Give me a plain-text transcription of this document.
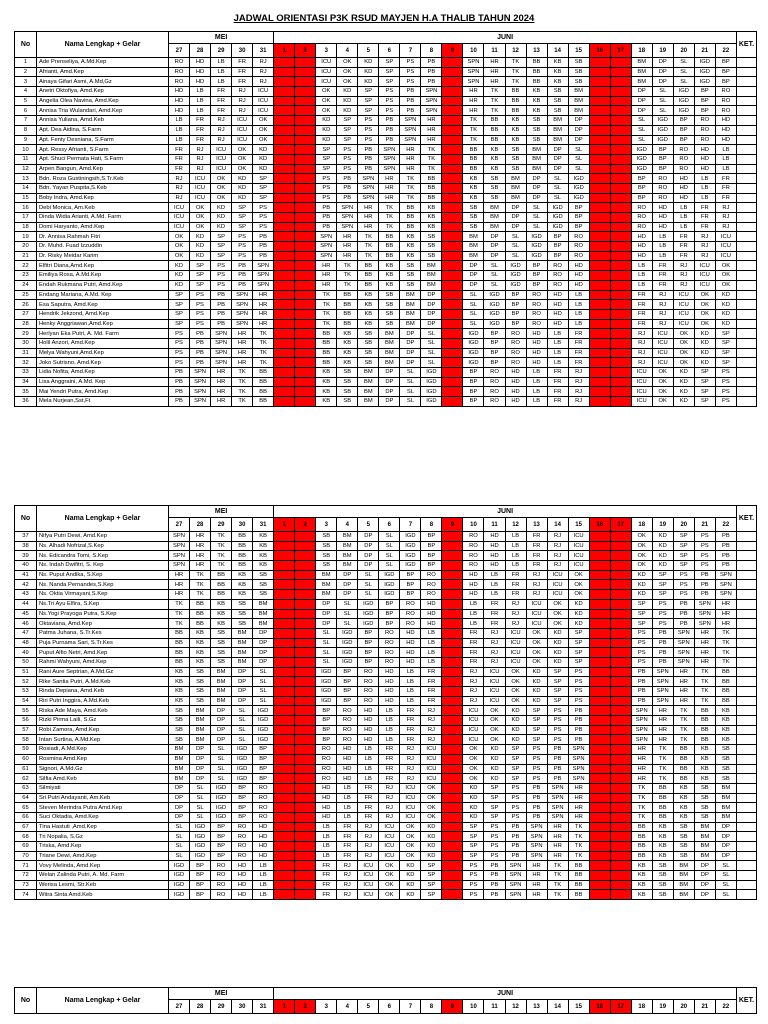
JADWAL ORIENTASI P3K RSUD MAYJEN H.A THALIB TAHUN 2024
No	Nama Lengkap + Gelar	MEI					JUNI																						KET.
		27	28	29	30	31	1	2	3	4	5	6	7	8	9	10	11	12	13	14	15	16	17	18	19	20	21	22	
1	Ade Prenseliya, A.Md.Kep	RO	HD	LB	FR	RJ			ICU	OK	KD	SP	PS	PB		SPN	HR	TK	BB	KB	SB			BM	DP	SL	IGD	BP	
2	Afrianti, Amd.Kep	RO	HD	LB	FR	RJ			ICU	OK	KD	SP	PS	PB		SPN	HR	TK	BB	KB	SB			BM	DP	SL	IGD	BP	
3	Ainaya Gifari Asmi, A.Md,Gz	RO	HD	LB	FR	RJ			ICU	OK	KD	SP	PS	PB		SPN	HR	TK	BB	KB	SB			BM	DP	SL	IGD	BP	
4	Anetri Oktofiya, Amd.Kep	HD	LB	FR	RJ	ICU			OK	KD	SP	PS	PB	SPN		HR	TK	BB	KB	SB	BM			DP	SL	IGD	BP	RO	
5	Angelia Olea Navina, Amd.Kep	HD	LB	FR	RJ	ICU			OK	KD	SP	PS	PB	SPN		HR	TK	BB	KB	SB	BM			DP	SL	IGD	BP	RO	
6	Annisa Tria Wulandari, Amd.Kep	HD	LB	FR	RJ	ICU			OK	KD	SP	PS	PB	SPN		HR	TK	BB	KB	SB	BM			DP	SL	IGD	BP	RO	
7	Annisa Yuliana, Amd.Keb	LB	FR	RJ	ICU	OK			KD	SP	PS	PB	SPN	HR		TK	BB	KB	SB	BM	DP			SL	IGD	BP	RO	HD	
8	Apt. Dea Aidina, S.Farm	LB	FR	RJ	ICU	OK			KD	SP	PS	PB	SPN	HR		TK	BB	KB	SB	BM	DP			SL	IGD	BP	RO	HD	
9	Apt. Fenty Desniana, S.Farm	LB	FR	RJ	ICU	OK			KD	SP	PS	PB	SPN	HR		TK	BB	KB	SB	BM	DP			SL	IGD	BP	RO	HD	
10	Apt. Ressy Afrianti, S.Farm	FR	RJ	ICU	OK	KD			SP	PS	PB	SPN	HR	TK		BB	KB	SB	BM	DP	SL			IGD	BP	RO	HD	LB	
11	Apt. Shuci Permata Hati, S.Farm	FR	RJ	ICU	OK	KD			SP	PS	PB	SPN	HR	TK		BB	KB	SB	BM	DP	SL			IGD	BP	RO	HD	LB	
12	Arpen Bangun, Amd.Kep	FR	RJ	ICU	OK	KD			SP	PS	PB	SPN	HR	TK		BB	KB	SB	BM	DP	SL			IGD	BP	RO	HD	LB	
13	Bdn. Roza Gustiningsih,S.Tr.Keb	RJ	ICU	OK	KD	SP			PS	PB	SPN	HR	TK	BB		KB	SB	BM	DP	SL	IGD			BP	RO	HD	LB	FR	
14	Bdn. Yayan Puspita,S.Keb	RJ	ICU	OK	KD	SP			PS	PB	SPN	HR	TK	BB		KB	SB	BM	DP	SL	IGD			BP	RO	HD	LB	FR	
15	Boby Indra, Amd.Kep	RJ	ICU	OK	KD	SP			PS	PB	SPN	HR	TK	BB		KB	SB	BM	DP	SL	IGD			BP	RO	HD	LB	FR	
16	Debi Monica, Am.Keb	ICU	OK	KD	SP	PS			PB	SPN	HR	TK	BB	KB		SB	BM	DP	SL	IGD	BP			RO	HD	LB	FR	RJ	
17	Dinda Widia Arianti, A.Md. Farm	ICU	OK	KD	SP	PS			PB	SPN	HR	TK	BB	KB		SB	BM	DP	SL	IGD	BP			RO	HD	LB	FR	RJ	
18	Domi Haryanto, Amd.Kep	ICU	OK	KD	SP	PS			PB	SPN	HR	TK	BB	KB		SB	BM	DP	SL	IGD	BP			RO	HD	LB	FR	RJ	
19	Dr. Annisa Rahmah Fitri	OK	KD	SP	PS	PB			SPN	HR	TK	BB	KB	SB		BM	DP	SL	IGD	BP	RO			HD	LB	FR	RJ	ICU	
20	Dr. Muhd. Fuad Izzuddin	OK	KD	SP	PS	PB			SPN	HR	TK	BB	KB	SB		BM	DP	SL	IGD	BP	RO			HD	LB	FR	RJ	ICU	
21	Dr. Risky Meidar Karim	OK	KD	SP	PS	PB			SPN	HR	TK	BB	KB	SB		BM	DP	SL	IGD	BP	RO			HD	LB	FR	RJ	ICU	
22	Elfitri Diana,Amd.Kep	KD	SP	PS	PB	SPN			HR	TK	BB	KB	SB	BM		DP	SL	IGD	BP	RO	HD			LB	FR	RJ	ICU	OK	
23	Emiliya Rosa, A.Md.Kep	KD	SP	PS	PB	SPN			HR	TK	BB	KB	SB	BM		DP	SL	IGD	BP	RO	HD			LB	FR	RJ	ICU	OK	
24	Endah Rukmana Putri, Amd.Kep	KD	SP	PS	PB	SPN			HR	TK	BB	KB	SB	BM		DP	SL	IGD	BP	RO	HD			LB	FR	RJ	ICU	OK	
25	Endang Mariana, A.Md. Kep	SP	PS	PB	SPN	HR			TK	BB	KB	SB	BM	DP		SL	IGD	BP	RO	HD	LB			FR	RJ	ICU	OK	KD	
26	Esa Saputra, Amd.Kep	SP	PS	PB	SPN	HR			TK	BB	KB	SB	BM	DP		SL	IGD	BP	RO	HD	LB			FR	RJ	ICU	OK	KD	
27	Hendrik Jekzond, Amd.Kep	SP	PS	PB	SPN	HR			TK	BB	KB	SB	BM	DP		SL	IGD	BP	RO	HD	LB			FR	RJ	ICU	OK	KD	
28	Henky Anggriawan,Amd.Kep	SP	PS	PB	SPN	HR			TK	BB	KB	SB	BM	DP		SL	IGD	BP	RO	HD	LB			FR	RJ	ICU	OK	KD	
29	Herlyan Eka Putri, A. Md. Farm	PS	PB	SPN	HR	TK			BB	KB	SB	BM	DP	SL		IGD	BP	RO	HD	LB	FR			RJ	ICU	OK	KD	SP	
30	Holil Anzori, Amd.Kep	PS	PB	SPN	HR	TK			BB	KB	SB	BM	DP	SL		IGD	BP	RO	HD	LB	FR			RJ	ICU	OK	KD	SP	
31	Melya Wahyuni,Amd.Kep	PS	PB	SPN	HR	TK			BB	KB	SB	BM	DP	SL		IGD	BP	RO	HD	LB	FR			RJ	ICU	OK	KD	SP	
32	Joko Sutrisno, Amd.Kep	PS	PB	SPN	HR	TK			BB	KB	SB	BM	DP	SL		IGD	BP	RO	HD	LB	FR			RJ	ICU	OK	KD	SP	
33	Lidia Nofita, Amd.Kep	PB	SPN	HR	TK	BB			KB	SB	BM	DP	SL	IGD		BP	RO	HD	LB	FR	RJ			ICU	OK	KD	SP	PS	
34	Lisa Anggraini, A.Md. Kep	PB	SPN	HR	TK	BB			KB	SB	BM	DP	SL	IGD		BP	RO	HD	LB	FR	RJ			ICU	OK	KD	SP	PS	
35	Mai Yendri Putra, Amd.Kep	PB	SPN	HR	TK	BB			KB	SB	BM	DP	SL	IGD		BP	RO	HD	LB	FR	RJ			ICU	OK	KD	SP	PS	
36	Mela Nurjean,Sst,Ft	PB	SPN	HR	TK	BB			KB	SB	BM	DP	SL	IGD		BP	RO	HD	LB	FR	RJ			ICU	OK	KD	SP	PS	
No	Nama Lengkap + Gelar	MEI					JUNI																						KET.
		27	28	29	30	31	1	2	3	4	5	6	7	8	9	10	11	12	13	14	15	16	17	18	19	20	21	22	
37	Nifya Putri Dewi, Amd.Kep	SPN	HR	TK	BB	KB			SB	BM	DP	SL	IGD	BP		RO	HD	LB	FR	RJ	ICU			OK	KD	SP	PS	PB	
38	Ns. Alhadi Nofrizal,S.Kep	SPN	HR	TK	BB	KB			SB	BM	DP	SL	IGD	BP		RO	HD	LB	FR	RJ	ICU			OK	KD	SP	PS	PB	
39	Ns. Edicandra Tomi, S.Kep	SPN	HR	TK	BB	KB			SB	BM	DP	SL	IGD	BP		RO	HD	LB	FR	RJ	ICU			OK	KD	SP	PS	PB	
40	Ns. Indah Dwifitri, S. Kep	SPN	HR	TK	BB	KB			SB	BM	DP	SL	IGD	BP		RO	HD	LB	FR	RJ	ICU			OK	KD	SP	PS	PB	
41	Ns. Puput Andika, S.Kep	HR	TK	BB	KB	SB			BM	DP	SL	IGD	BP	RO		HD	LB	FR	RJ	ICU	OK			KD	SP	PS	PB	SPN	
42	Ns. Nanda Pernandes,S.Kep	HR	TK	BB	KB	SB			BM	DP	SL	IGD	BP	RO		HD	LB	FR	RJ	ICU	OK			KD	SP	PS	PB	SPN	
43	Ns. Oktia Virmayani,S.Kep	HR	TK	BB	KB	SB			BM	DP	SL	IGD	BP	RO		HD	LB	FR	RJ	ICU	OK			KD	SP	PS	PB	SPN	
44	Ns.Tri Ayu Elfira, S.Kep	TK	BB	KB	SB	BM			DP	SL	IGD	BP	RO	HD		LB	FR	RJ	ICU	OK	KD			SP	PS	PB	SPN	HR	
45	Ns.Yogi Prayoga Putra, S.Kep	TK	BB	KB	SB	BM			DP	SL	IGD	BP	RO	HD		LB	FR	RJ	ICU	OK	KD			SP	PS	PB	SPN	HR	
46	Oktaviana, Amd.Kep	TK	BB	KB	SB	BM			DP	SL	IGD	BP	RO	HD		LB	FR	RJ	ICU	OK	KD			SP	PS	PB	SPN	HR	
47	Patma Juhana, S.Tr.Kes	BB	KB	SB	BM	DP			SL	IGD	BP	RO	HD	LB		FR	RJ	ICU	OK	KD	SP			PS	PB	SPN	HR	TK	
48	Puja Purnama Sari, S.Tr.Kes	BB	KB	SB	BM	DP			SL	IGD	BP	RO	HD	LB		FR	RJ	ICU	OK	KD	SP			PS	PB	SPN	HR	TK	
49	Puput Alfio Netri, Amd.Kep	BB	KB	SB	BM	DP			SL	IGD	BP	RO	HD	LB		FR	RJ	ICU	OK	KD	SP			PS	PB	SPN	HR	TK	
50	Rahmi Wahyuni, Amd.Kep	BB	KB	SB	BM	DP			SL	IGD	BP	RO	HD	LB		FR	RJ	ICU	OK	KD	SP			PS	PB	SPN	HR	TK	
51	Rani Aure Septrian, A.Md.Gz	KB	SB	BM	DP	SL			IGD	BP	RO	HD	LB	FR		RJ	ICU	OK	KD	SP	PS			PB	SPN	HR	TK	BB	
52	Rike Santia Putri, A.Md.Keb	KB	SB	BM	DP	SL			IGD	BP	RO	HD	LB	FR		RJ	ICU	OK	KD	SP	PS			PB	SPN	HR	TK	BB	
53	Rinda Depiana, Amd.Keb	KB	SB	BM	DP	SL			IGD	BP	RO	HD	LB	FR		RJ	ICU	OK	KD	SP	PS			PB	SPN	HR	TK	BB	
54	Riri Putri Inggira, A.Md.Keb	KB	SB	BM	DP	SL			IGD	BP	RO	HD	LB	FR		RJ	ICU	OK	KD	SP	PS			PB	SPN	HR	TK	BB	
55	Riska Ade Maya, Amd.Keb	SB	BM	DP	SL	IGD			BP	RO	HD	LB	FR	RJ		ICU	OK	KD	SP	PS	PB			SPN	HR	TK	BB	KB	
56	Rizki Pirma Laili, S.Gz	SB	BM	DP	SL	IGD			BP	RO	HD	LB	FR	RJ		ICU	OK	KD	SP	PS	PB			SPN	HR	TK	BB	KB	
57	Robi Zamora, Amd.Kep	SB	BM	DP	SL	IGD			BP	RO	HD	LB	FR	RJ		ICU	OK	KD	SP	PS	PB			SPN	HR	TK	BB	KB	
58	Intan Surtina, A.Md.Kep	SB	BM	DP	SL	IGD			BP	RO	HD	LB	FR	RJ		ICU	OK	KD	SP	PS	PB			SPN	HR	TK	BB	KB	
59	Rosiadi, A.Md.Kep	BM	DP	SL	IGD	BP			RO	HD	LB	FR	RJ	ICU		OK	KD	SP	PS	PB	SPN			HR	TK	BB	KB	SB	
60	Rosmina Amd.Kep	BM	DP	SL	IGD	BP			RO	HD	LB	FR	RJ	ICU		OK	KD	SP	PS	PB	SPN			HR	TK	BB	KB	SB	
61	Signori, A.Md.Gz	BM	DP	SL	IGD	BP			RO	HD	LB	FR	RJ	ICU		OK	KD	SP	PS	PB	SPN			HR	TK	BB	KB	SB	
62	Silfia Amd.Keb	BM	DP	SL	IGD	BP			RO	HD	LB	FR	RJ	ICU		OK	KD	SP	PS	PB	SPN			HR	TK	BB	KB	SB	
63	Silmiyati	DP	SL	IGD	BP	RO			HD	LB	FR	RJ	ICU	OK		KD	SP	PS	PB	SPN	HR			TK	BB	KB	SB	BM	
64	Sri Putri Andayanti, Am.Keb	DP	SL	IGD	BP	RO			HD	LB	FR	RJ	ICU	OK		KD	SP	PS	PB	SPN	HR			TK	BB	KB	SB	BM	
65	Steven Merindra Putra Amd.Kep	DP	SL	IGD	BP	RO			HD	LB	FR	RJ	ICU	OK		KD	SP	PS	PB	SPN	HR			TK	BB	KB	SB	BM	
66	Suci Oktadia, Amd.Kep	DP	SL	IGD	BP	RO			HD	LB	FR	RJ	ICU	OK		KD	SP	PS	PB	SPN	HR			TK	BB	KB	SB	BM	
67	Tina Hastuti ,Amd.Kep	SL	IGD	BP	RO	HD			LB	FR	RJ	ICU	OK	KD		SP	PS	PB	SPN	HR	TK			BB	KB	SB	BM	DP	
68	Tri Nopalia, S.Gz	SL	IGD	BP	RO	HD			LB	FR	RJ	ICU	OK	KD		SP	PS	PB	SPN	HR	TK			BB	KB	SB	BM	DP	
69	Triska, Amd.Kep	SL	IGD	BP	RO	HD			LB	FR	RJ	ICU	OK	KD		SP	PS	PB	SPN	HR	TK			BB	KB	SB	BM	DP	
70	Triane Dewi, Amd.Kep	SL	IGD	BP	RO	HD			LB	FR	RJ	ICU	OK	KD		SP	PS	PB	SPN	HR	TK			BB	KB	SB	BM	DP	
71	Vovy Melinda, Amd.Kep	IGD	BP	RO	HD	LB			FR	RJ	ICU	OK	KD	SP		PS	PB	SPN	HR	TK	BB			KB	SB	BM	DP	SL	
72	Welan Zalinda Putri, A. Md. Farm	IGD	BP	RO	HD	LB			FR	RJ	ICU	OK	KD	SP		PS	PB	SPN	HR	TK	BB			KB	SB	BM	DP	SL	
73	Werisa Lesmi, Str.Keb	IGD	BP	RO	HD	LB			FR	RJ	ICU	OK	KD	SP		PS	PB	SPN	HR	TK	BB			KB	SB	BM	DP	SL	
74	Witra Sinta Amd.Keb	IGD	BP	RO	HD	LB			FR	RJ	ICU	OK	KD	SP		PS	PB	SPN	HR	TK	BB			KB	SB	BM	DP	SL	
No	Nama Lengkap + Gelar	MEI					JUNI																						KET.
		27	28	29	30	31	1	2	3	4	5	6	7	8	9	10	11	12	13	14	15	16	17	18	19	20	21	22	
